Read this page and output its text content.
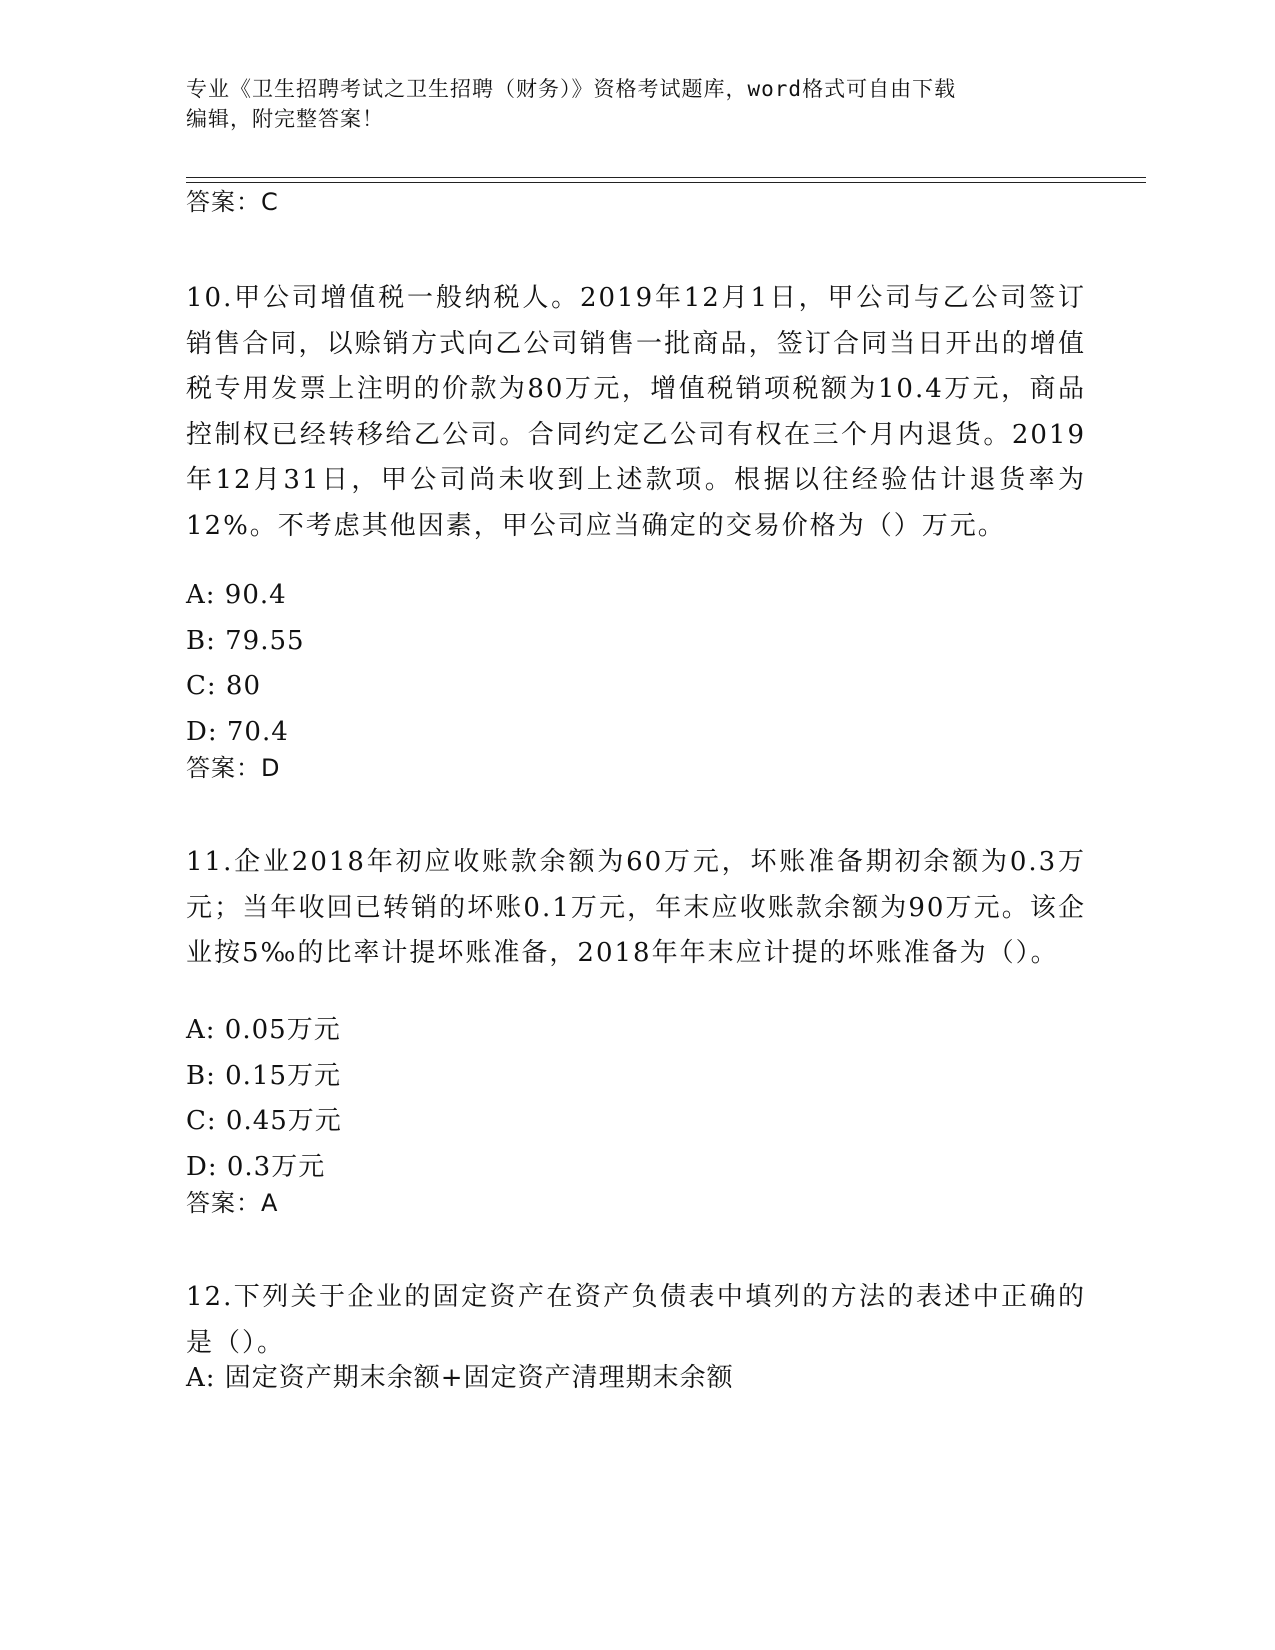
专业《卫生招聘考试之卫生招聘（财务）》资格考试题库，word格式可自由下载
编辑，附完整答案！
答案：C
10.甲公司增值税一般纳税人。2019年12月1日，甲公司与乙公司签订销售合同，以赊销方式向乙公司销售一批商品，签订合同当日开出的增值税专用发票上注明的价款为80万元，增值税销项税额为10.4万元，商品控制权已经转移给乙公司。合同约定乙公司有权在三个月内退货。2019年12月31日，甲公司尚未收到上述款项。根据以往经验估计退货率为12%。不考虑其他因素，甲公司应当确定的交易价格为（）万元。
A: 90.4
B: 79.55
C: 80
D: 70.4
答案：D
11.企业2018年初应收账款余额为60万元，坏账准备期初余额为0.3万元；当年收回已转销的坏账0.1万元，年末应收账款余额为90万元。该企业按5‰的比率计提坏账准备，2018年年末应计提的坏账准备为（）。
A: 0.05万元
B: 0.15万元
C: 0.45万元
D: 0.3万元
答案：A
12.下列关于企业的固定资产在资产负债表中填列的方法的表述中正确的是（）。
A: 固定资产期末余额+固定资产清理期末余额
